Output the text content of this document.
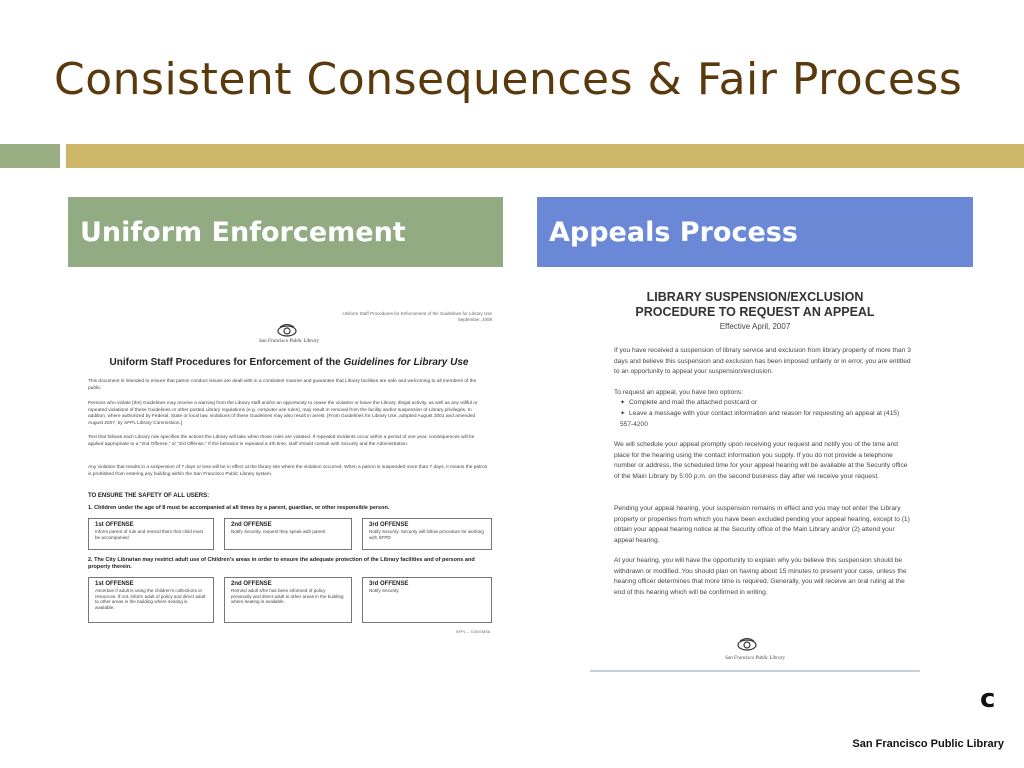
Consistent Consequences & Fair Process
Uniform Enforcement	Appeals Process
Uniform Staff Procedures for Enforcement of the Guidelines for Library Use September, 2008
San Francisco Public Library
Uniform Staff Procedures for Enforcement of the Guidelines for Library Use
This document is intended to ensure that patron conduct issues are dealt with in a consistent manner and guarantee that Library facilities are safe and welcoming to all members of the public.
Persons who violate [the] Guidelines may receive a warning from the Library staff and/or an opportunity to cease the violation or leave the Library. Illegal activity, as well as any willful or repeated violations of these Guidelines or other posted Library regulations (e.g. computer use rules), may result in removal from the facility and/or suspension of Library privileges. In addition, where authorized by Federal, State or local law, violations of these Guidelines may also result in arrest. [From Guidelines for Library Use, adopted August 2001 and amended August 2007, by SFPL Library Commission.]
Text that follows each Library rule specifies the actions the Library will take when those rules are violated. If repeated incidents occur within a period of one year, consequences will be applied appropriate to a “2nd Offense,” or “3rd Offense.” If the behavior is repeated a 4th time, staff should consult with Security and the Administration.
Any violation that results in a suspension of 7 days or less will be in effect at the library site where the violation occurred. When a patron is suspended more than 7 days, it means the patron is prohibited from entering any building within the San Francisco Public Library system.
TO ENSURE THE SAFETY OF ALL USERS:
1. Children under the age of 8 must be accompanied at all times by a parent, guardian, or other responsible person.
1st OFFENSE
Inform parent of rule and remind them that child must be accompanied
2nd OFFENSE
Notify Security, request they speak with parent
3rd OFFENSE
Notify Security. Security will follow procedure for working with SFPD
2. The City Librarian may restrict adult use of Children's areas in order to ensure the adequate protection of the Library facilities and of persons and property therein.
1st OFFENSE
Ascertain if adult is using the children's collections or resources. If not, inform adult of policy and direct adult to other areas in the building where seating is available.
2nd OFFENSE
Remind adult s/he has been informed of policy previously and direct adult to other areas in the building where seating is available.
3rd OFFENSE
Notify Security
SFPL – 7/28 EMS8
LIBRARY SUSPENSION/EXCLUSION
PROCEDURE TO REQUEST AN APPEAL
Effective April, 2007
If you have received a suspension of library service and exclusion from library property of more than 3 days and believe this suspension and exclusion has been imposed unfairly or in error, you are entitled to an opportunity to appeal your suspension/exclusion.
To request an appeal, you have two options:
✦ Complete and mail the attached postcard or
✦ Leave a message with your contact information and reason for requesting an appeal at (415) 557-4200
We will schedule your appeal promptly upon receiving your request and notify you of the time and place for the hearing using the contact information you supply. If you do not provide a telephone number or address, the scheduled time for your appeal hearing will be available at the Security office of the Main Library by 5:00 p.m. on the second business day after we receive your request.
Pending your appeal hearing, your suspension remains in effect and you may not enter the Library property or properties from which you have been excluded pending your appeal hearing, except to (1) obtain your appeal hearing notice at the Security office of the Main Library and/or (2) attend your appeal hearing.
At your hearing, you will have the opportunity to explain why you believe this suspension should be withdrawn or modified. You should plan on having about 15 minutes to present your case, unless the hearing officer determines that more time is required. Generally, you will receive an oral ruling at the end of this hearing which will be confirmed in writing.
San Francisco Public Library
c
San Francisco Public Library
